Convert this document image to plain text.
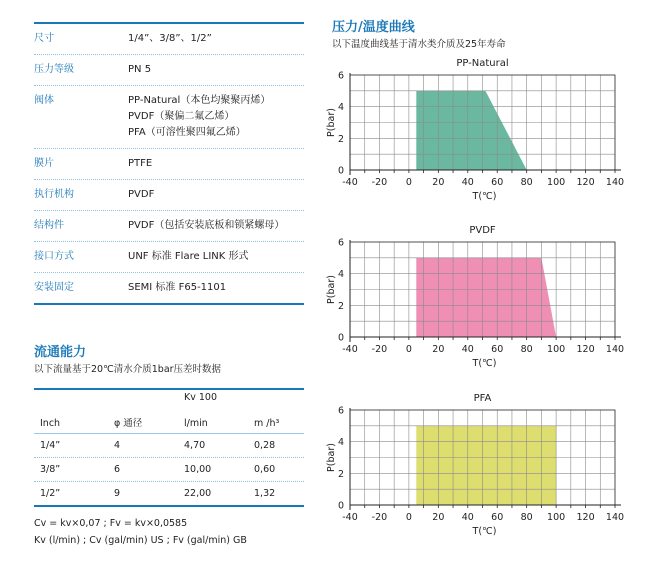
尺寸	1/4”、3/8”、1/2”
压力等级	PN 5
阀体	PP-Natural（本色均聚聚丙烯）
PVDF（聚偏二氟乙烯）
PFA（可溶性聚四氟乙烯）
膜片	PTFE
执行机构	PVDF
结构件	PVDF（包括安装底板和锁紧螺母）
接口方式	UNF 标准 Flare LINK 形式
安装固定	SEMI 标准 F65-1101
流通能力
以下流量基于20℃清水介质1bar压差时数据
Kv 100
Inch	φ 通径	l/min	m /h³
1/4”	4	4,70	0,28
3/8”	6	10,00	0,60
1/2”	9	22,00	1,32
Cv = kv×0,07 ; Fv = kv×0,0585
Kv (l/min) ; Cv (gal/min) US ; Fv (gal/min) GB
压力/温度曲线
以下温度曲线基于清水类介质及25年寿命
PP-Natural
-40 -20 0 20 40 60 80 100 120 140
0
2
4
6
T(℃)
P(bar)
PVDF
-40 -20 0 20 40 60 80 100 120 140
0
2
4
6
T(℃)
P(bar)
PFA
-40 -20 0 20 40 60 80 100 120 140
0
2
4
6
T(℃)
P(bar)
